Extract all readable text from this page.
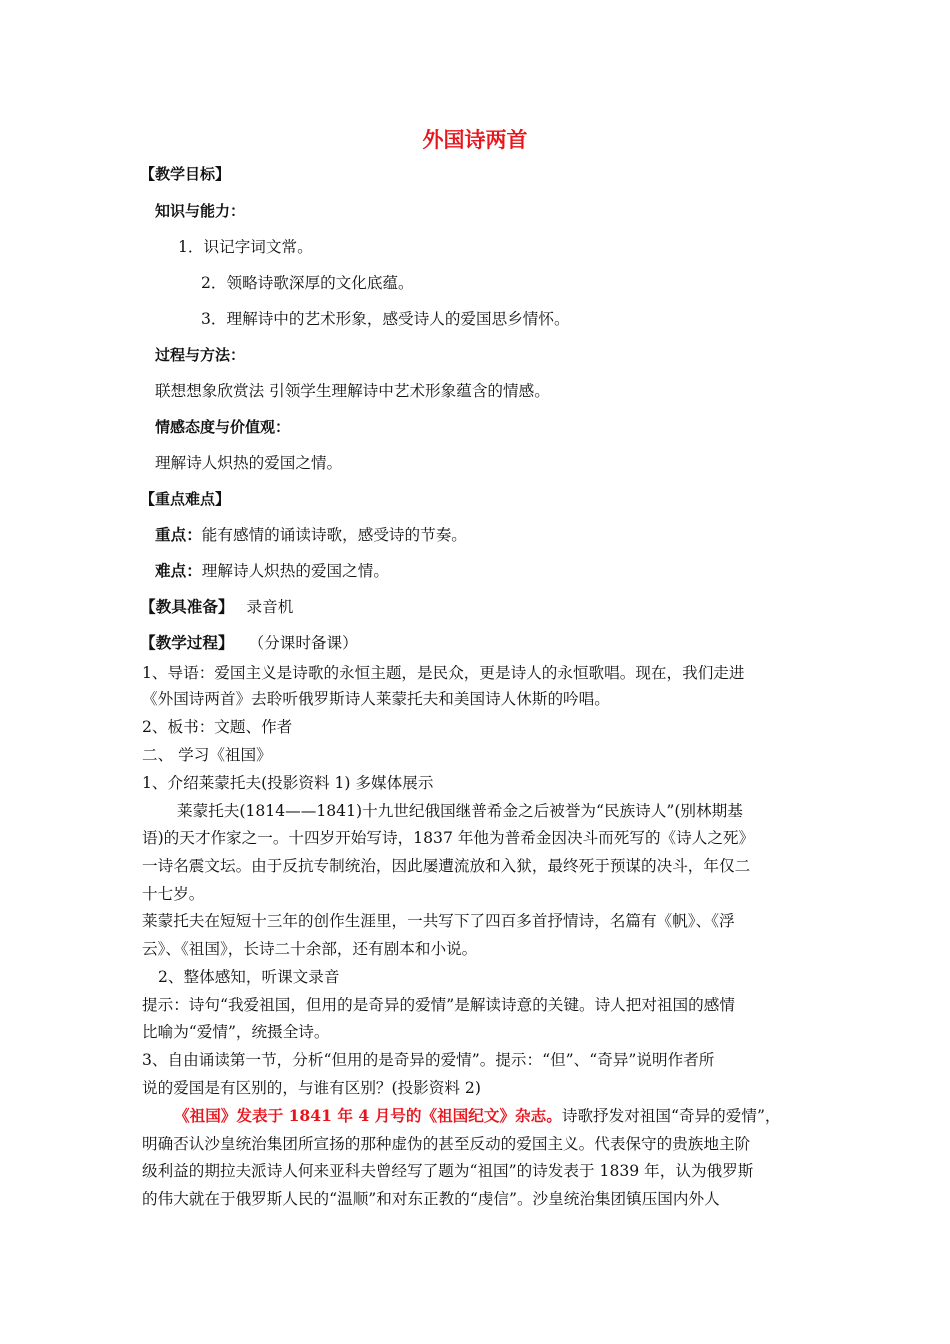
外国诗两首
【教学目标】
知识与能力：
1．识记字词文常。
2．领略诗歌深厚的文化底蕴。
3．理解诗中的艺术形象，感受诗人的爱国思乡情怀。
过程与方法：
联想想象欣赏法 引领学生理解诗中艺术形象蕴含的情感。
情感态度与价值观：
理解诗人炽热的爱国之情。
【重点难点】
重点：能有感情的诵读诗歌，感受诗的节奏。
难点：理解诗人炽热的爱国之情。
【教具准备】 录音机
【教学过程】 （分课时备课）
1、导语：爱国主义是诗歌的永恒主题，是民众，更是诗人的永恒歌唱。现在，我们走进
《外国诗两首》去聆听俄罗斯诗人莱蒙托夫和美国诗人休斯的吟唱。
2、板书：文题、作者
二、 学习《祖国》
1、介绍莱蒙托夫(投影资料 1) 多媒体展示
莱蒙托夫(1814——1841)十九世纪俄国继普希金之后被誉为“民族诗人”(别林期基
语)的天才作家之一。十四岁开始写诗，1837 年他为普希金因决斗而死写的《诗人之死》
一诗名震文坛。由于反抗专制统治，因此屡遭流放和入狱，最终死于预谋的决斗，年仅二
十七岁。
莱蒙托夫在短短十三年的创作生涯里，一共写下了四百多首抒情诗，名篇有《帆》、《浮
云》、《祖国》，长诗二十余部，还有剧本和小说。
2、整体感知，听课文录音
提示：诗句“我爱祖国，但用的是奇异的爱情”是解读诗意的关键。诗人把对祖国的感情
比喻为“爱情”，统摄全诗。
3、自由诵读第一节，分析“但用的是奇异的爱情”。提示：“但”、“奇异”说明作者所
说的爱国是有区别的，与谁有区别？(投影资料 2)
《祖国》发表于 1841 年 4 月号的《祖国纪文》杂志。诗歌抒发对祖国“奇异的爱情”，
明确否认沙皇统治集团所宣扬的那种虚伪的甚至反动的爱国主义。代表保守的贵族地主阶
级利益的期拉夫派诗人何来亚科夫曾经写了题为“祖国”的诗发表于 1839 年，认为俄罗斯
的伟大就在于俄罗斯人民的“温顺”和对东正教的“虔信”。沙皇统治集团镇压国内外人
